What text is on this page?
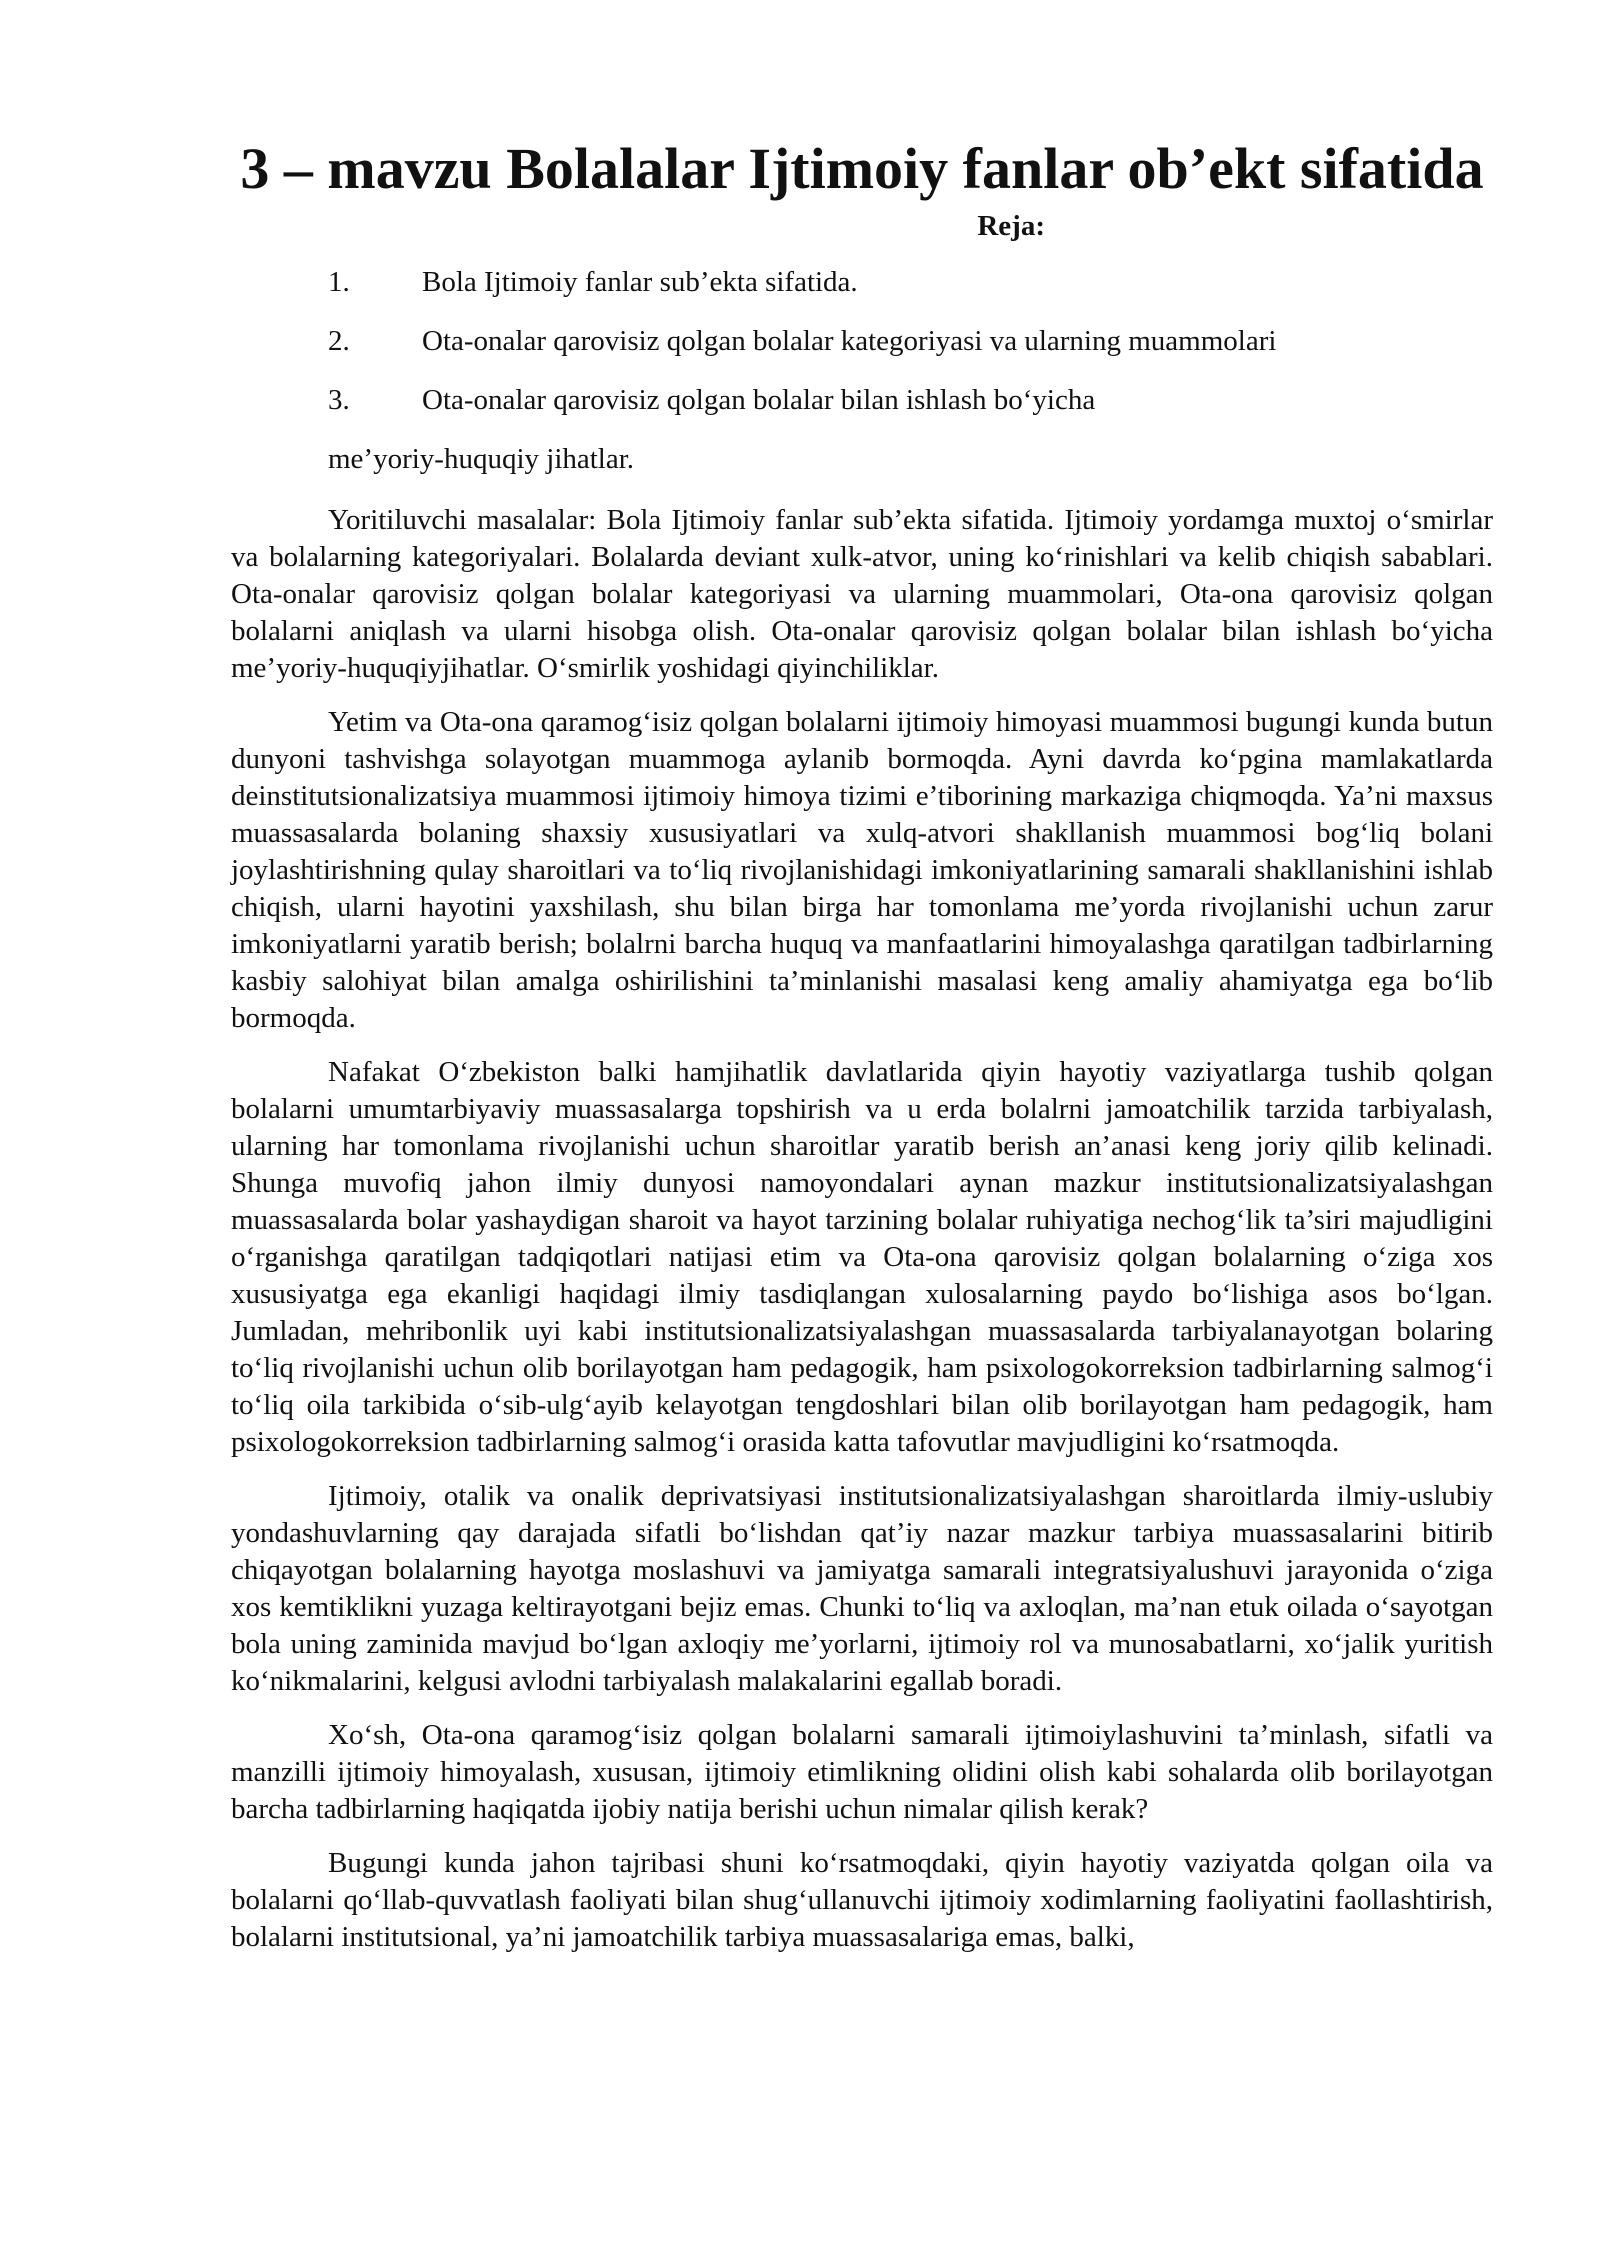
3 – mavzu Bolalalar Ijtimoiy fanlar ob’ekt sifatida
Reja:
1.	Bola Ijtimoiy fanlar sub’ekta sifatida.
2.	Ota-onalar qarovisiz qolgan bolalar kategoriyasi va ularning muammolari
3.	Ota-onalar qarovisiz qolgan bolalar bilan ishlash bo‘yicha
me’yoriy-huquqiy jihatlar.

Yoritiluvchi masalalar: Bola Ijtimoiy fanlar sub’ekta sifatida. Ijtimoiy yordamga muxtoj o‘smirlar va bolalarning kategoriyalari. Bolalarda deviant xulk-atvor, uning ko‘rinishlari va kelib chiqish sabablari. Ota-onalar qarovisiz qolgan bolalar kategoriyasi va ularning muammolari, Ota-ona qarovisiz qolgan bolalarni aniqlash va ularni hisobga olish. Ota-onalar qarovisiz qolgan bolalar bilan ishlash bo‘yicha me’yoriy-huquqiyjihatlar. O‘smirlik yoshidagi qiyinchiliklar.

Yetim va Ota-ona qaramog‘isiz qolgan bolalarni ijtimoiy himoyasi muammosi bugungi kunda butun dunyoni tashvishga solayotgan muammoga aylanib bormoqda. Ayni davrda ko‘pgina mamlakatlarda deinstitutsionalizatsiya muammosi ijtimoiy himoya tizimi e’tiborining markaziga chiqmoqda. Ya’ni maxsus muassasalarda bolaning shaxsiy xususiyatlari va xulq-atvori shakllanish muammosi bog‘liq bolani joylashtirishning qulay sharoitlari va to‘liq rivojlanishidagi imkoniyatlarining samarali shakllanishini ishlab chiqish, ularni hayotini yaxshilash, shu bilan birga har tomonlama me’yorda rivojlanishi uchun zarur imkoniyatlarni yaratib berish; bolalrni barcha huquq va manfaatlarini himoyalashga qaratilgan tadbirlarning kasbiy salohiyat bilan amalga oshirilishini ta’minlanishi masalasi keng amaliy ahamiyatga ega bo‘lib bormoqda.

Nafakat O‘zbekiston balki hamjihatlik davlatlarida qiyin hayotiy vaziyatlarga tushib qolgan bolalarni umumtarbiyaviy muassasalarga topshirish va u erda bolalrni jamoatchilik tarzida tarbiyalash, ularning har tomonlama rivojlanishi uchun sharoitlar yaratib berish an’anasi keng joriy qilib kelinadi. Shunga muvofiq jahon ilmiy dunyosi namoyondalari aynan mazkur institutsionalizatsiyalashgan muassasalarda bolar yashaydigan sharoit va hayot tarzining bolalar ruhiyatiga nechog‘lik ta’siri majudligini o‘rganishga qaratilgan tadqiqotlari natijasi etim va Ota-ona qarovisiz qolgan bolalarning o‘ziga xos xususiyatga ega ekanligi haqidagi ilmiy tasdiqlangan xulosalarning paydo bo‘lishiga asos bo‘lgan. Jumladan, mehribonlik uyi kabi institutsionalizatsiyalashgan muassasalarda tarbiyalanayotgan bolaring to‘liq rivojlanishi uchun olib borilayotgan ham pedagogik, ham psixologokorreksion tadbirlarning salmog‘i to‘liq oila tarkibida o‘sib-ulg‘ayib kelayotgan tengdoshlari bilan olib borilayotgan ham pedagogik, ham psixologokorreksion tadbirlarning salmog‘i orasida katta tafovutlar mavjudligini ko‘rsatmoqda.

Ijtimoiy, otalik va onalik deprivatsiyasi institutsionalizatsiyalashgan sharoitlarda ilmiy-uslubiy yondashuvlarning qay darajada sifatli bo‘lishdan qat’iy nazar mazkur tarbiya muassasalarini bitirib chiqayotgan bolalarning hayotga moslashuvi va jamiyatga samarali integratsiyalushuvi jarayonida o‘ziga xos kemtiklikni yuzaga keltirayotgani bejiz emas. Chunki to‘liq va axloqlan, ma’nan etuk oilada o‘sayotgan bola uning zaminida mavjud bo‘lgan axloqiy me’yorlarni, ijtimoiy rol va munosabatlarni, xo‘jalik yuritish ko‘nikmalarini, kelgusi avlodni tarbiyalash malakalarini egallab boradi.

Xo‘sh, Ota-ona qaramog‘isiz qolgan bolalarni samarali ijtimoiylashuvini ta’minlash, sifatli va manzilli ijtimoiy himoyalash, xususan, ijtimoiy etimlikning olidini olish kabi sohalarda olib borilayotgan barcha tadbirlarning haqiqatda ijobiy natija berishi uchun nimalar qilish kerak?

Bugungi kunda jahon tajribasi shuni ko‘rsatmoqdaki, qiyin hayotiy vaziyatda qolgan oila va bolalarni qo‘llab-quvvatlash faoliyati bilan shug‘ullanuvchi ijtimoiy xodimlarning faoliyatini faollashtirish, bolalarni institutsional, ya’ni jamoatchilik tarbiya muassasalariga emas, balki,
